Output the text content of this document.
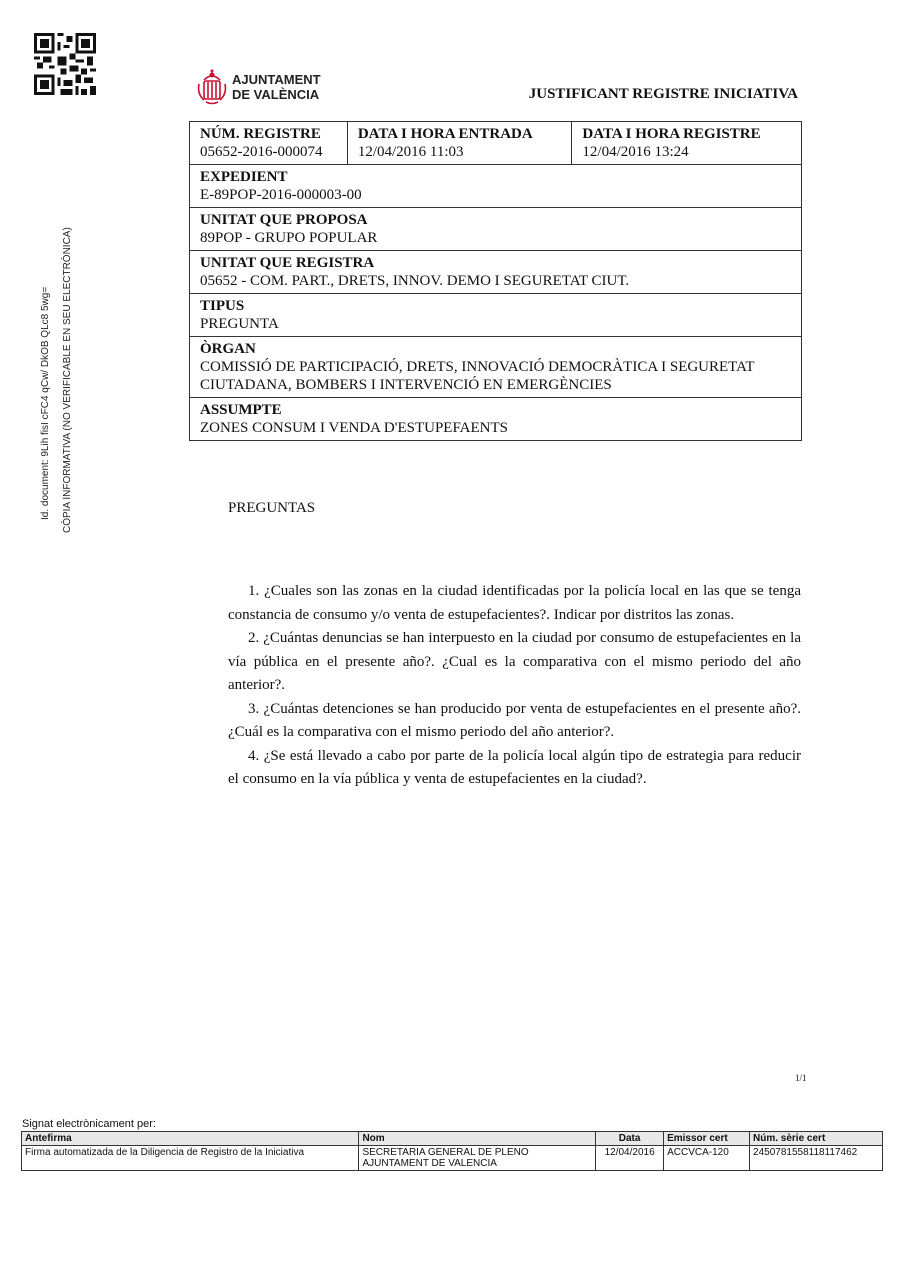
AJUNTAMENT
DE VALÈNCIA	JUSTIFICANT REGISTRE INICIATIVA
Id. document: 9Lih fisI cFC4 qCw/ DkOB QLc8 5wg= CÒPIA INFORMATIVA (NO VERIFICABLE EN SEU ELECTRÒNICA)
NÚM. REGISTRE
05652-2016-000074

DATA I HORA ENTRADA
12/04/2016 11:03

DATA I HORA REGISTRE
12/04/2016 13:24

EXPEDIENT
E-89POP-2016-000003-00

UNITAT QUE PROPOSA
89POP - GRUPO POPULAR

UNITAT QUE REGISTRA
05652 - COM. PART., DRETS, INNOV. DEMO I SEGURETAT CIUT.

TIPUS
PREGUNTA

ÒRGAN
COMISSIÓ DE PARTICIPACIÓ, DRETS, INNOVACIÓ DEMOCRÀTICA I SEGURETAT CIUTADANA, BOMBERS I INTERVENCIÓ EN EMERGÈNCIES

ASSUMPTE
ZONES CONSUM I VENDA D'ESTUPEFAENTS
PREGUNTAS

1. ¿Cuales son las zonas en la ciudad identificadas por la policía local en las que se tenga constancia de consumo y/o venta de estupefacientes?. Indicar por distritos las zonas.

2. ¿Cuántas denuncias se han interpuesto en la ciudad por consumo de estupefacientes en la vía pública en el presente año?. ¿Cual es la comparativa con el mismo periodo del año anterior?.

3. ¿Cuántas detenciones se han producido por venta de estupefacientes en el presente año?. ¿Cuál es la comparativa con el mismo periodo del año anterior?.

4. ¿Se está llevado a cabo por parte de la policía local algún tipo de estrategia para reducir el consumo en la vía pública y venta de estupefacientes en la ciudad?.

1/1
Signat electrònicament per:
Antefirma	Nom	Data	Emissor cert	Núm. sèrie cert
Firma automatizada de la Diligencia de Registro de la Iniciativa	SECRETARIA GENERAL DE PLENO
AJUNTAMENT DE VALENCIA	12/04/2016	ACCVCA-120	2450781558118117462
